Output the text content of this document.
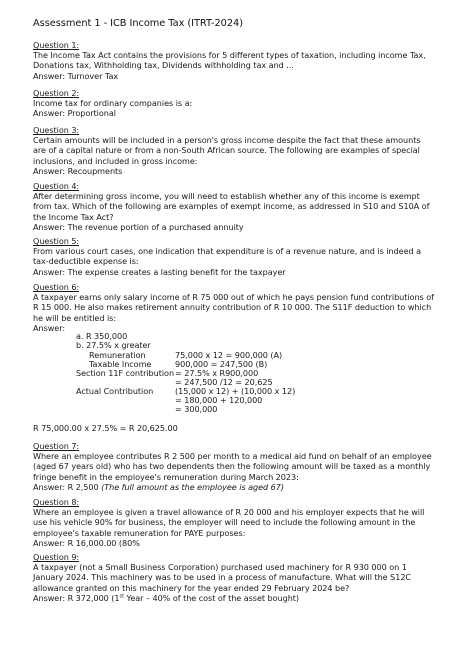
Assessment 1 - ICB Income Tax (ITRT-2024)
Question 1:
The Income Tax Act contains the provisions for 5 different types of taxation, including income Tax,
Donations tax, Withholding tax, Dividends withholding tax and ...
Answer: Turnover Tax
Question 2:
Income tax for ordinary companies is a:
Answer: Proportional
Question 3:
Certain amounts will be included in a person's gross income despite the fact that these amounts
are of a capital nature or from a non-South African source. The following are examples of special
inclusions, and included in gross income:
Answer: Recoupments
Question 4:
After determining gross income, you will need to establish whether any of this income is exempt
from tax. Which of the following are examples of exempt income, as addressed in S10 and S10A of
the Income Tax Act?
Answer: The revenue portion of a purchased annuity
Question 5:
From various court cases, one indication that expenditure is of a revenue nature, and is indeed a
tax-deductible expense is:
Answer: The expense creates a lasting benefit for the taxpayer
Question 6:
A taxpayer earns only salary income of R 75 000 out of which he pays pension fund contributions of
R 15 000. He also makes retirement annuity contribution of R 10 000. The S11F deduction to which
he will be entitled is:
Answer:
a. R 350,000
b. 27.5% x greater
Remuneration	75,000 x 12 = 900,000 (A)
Taxable Income	900,000 = 247,500 (B)
Section 11F contribution = 27.5% x R900,000
= 247,500 /12 = 20,625
Actual Contribution	(15,000 x 12) + (10,000 x 12)
= 180,000 + 120,000
= 300,000
R 75,000.00 x 27.5% = R 20,625.00
Question 7:
Where an employee contributes R 2 500 per month to a medical aid fund on behalf of an employee
(aged 67 years old) who has two dependents then the following amount will be taxed as a monthly
fringe benefit in the employee's remuneration during March 2023:
Answer: R 2,500 (The full amount as the employee is aged 67)
Question 8:
Where an employee is given a travel allowance of R 20 000 and his employer expects that he will
use his vehicle 90% for business, the employer will need to include the following amount in the
employee's taxable remuneration for PAYE purposes:
Answer: R 16,000.00 (80%
Question 9:
A taxpayer (not a Small Business Corporation) purchased used machinery for R 930 000 on 1
January 2024. This machinery was to be used in a process of manufacture. What will the S12C
allowance granted on this machinery for the year ended 29 February 2024 be?
Answer: R 372,000 (1st Year – 40% of the cost of the asset bought)
